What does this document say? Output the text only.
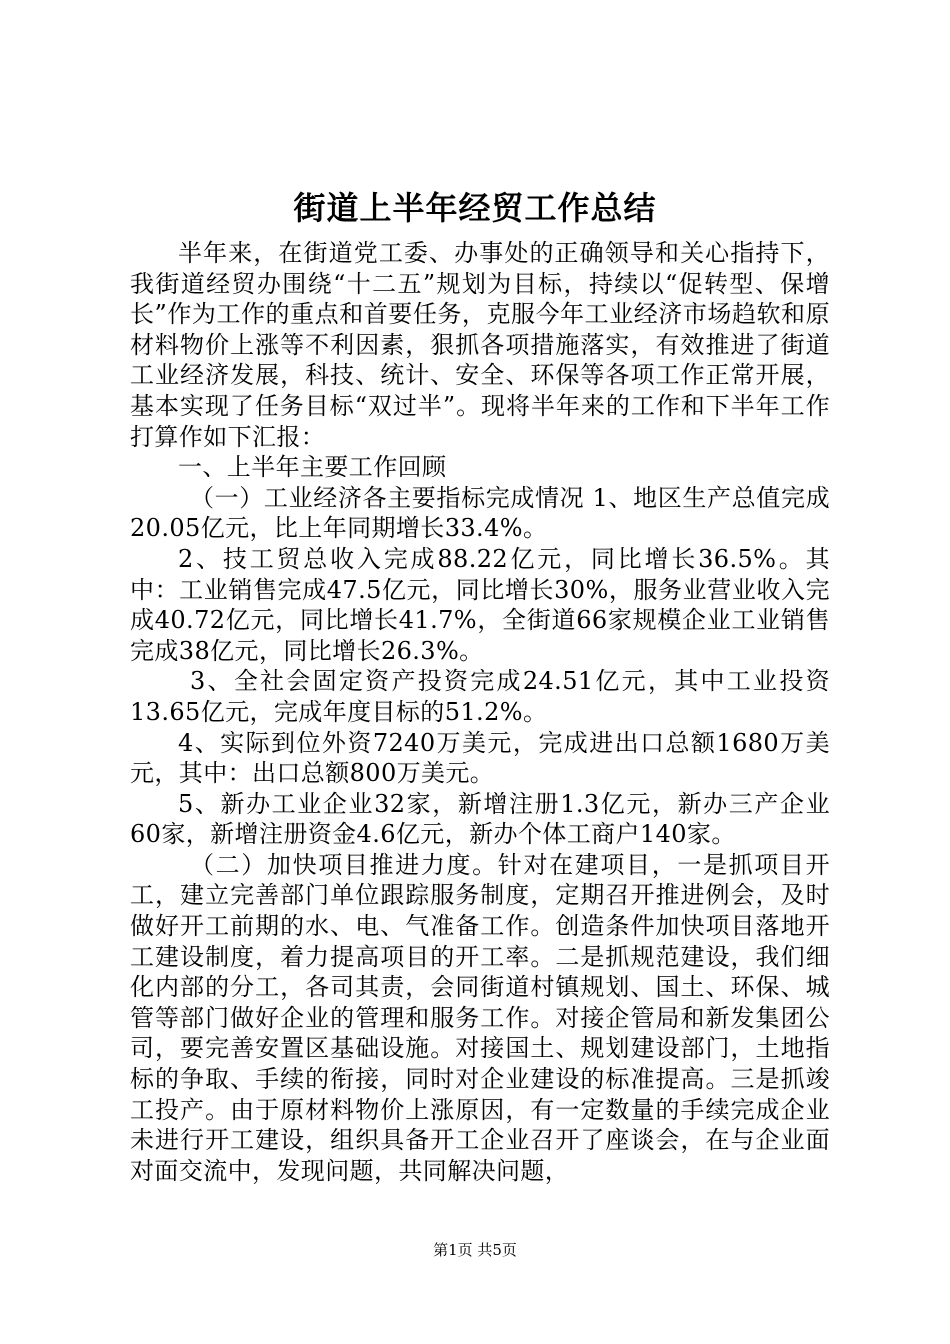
街道上半年经贸工作总结

半年来，在街道党工委、办事处的正确领导和关心指持下，我街道经贸办围绕“十二五”规划为目标，持续以“促转型、保增长”作为工作的重点和首要任务，克服今年工业经济市场趋软和原材料物价上涨等不利因素，狠抓各项措施落实，有效推进了街道工业经济发展，科技、统计、安全、环保等各项工作正常开展，基本实现了任务目标“双过半”。现将半年来的工作和下半年工作打算作如下汇报：

一、上半年主要工作回顾

（一）工业经济各主要指标完成情况 1、地区生产总值完成20.05亿元，比上年同期增长33.4%。

2、技工贸总收入完成88.22亿元，同比增长36.5%。其中：工业销售完成47.5亿元，同比增长30%，服务业营业收入完成40.72亿元，同比增长41.7%，全街道66家规模企业工业销售完成38亿元，同比增长26.3%。

3、全社会固定资产投资完成24.51亿元，其中工业投资13.65亿元，完成年度目标的51.2%。

4、实际到位外资7240万美元，完成进出口总额1680万美元，其中：出口总额800万美元。

5、新办工业企业32家，新增注册1.3亿元，新办三产企业60家，新增注册资金4.6亿元，新办个体工商户140家。

（二）加快项目推进力度。针对在建项目，一是抓项目开工，建立完善部门单位跟踪服务制度，定期召开推进例会，及时做好开工前期的水、电、气准备工作。创造条件加快项目落地开工建设制度，着力提高项目的开工率。二是抓规范建设，我们细化内部的分工，各司其责，会同街道村镇规划、国土、环保、城管等部门做好企业的管理和服务工作。对接企管局和新发集团公司，要完善安置区基础设施。对接国土、规划建设部门，土地指标的争取、手续的衔接，同时对企业建设的标准提高。三是抓竣工投产。由于原材料物价上涨原因，有一定数量的手续完成企业未进行开工建设，组织具备开工企业召开了座谈会，在与企业面对面交流中，发现问题，共同解决问题，

第1页 共5页
